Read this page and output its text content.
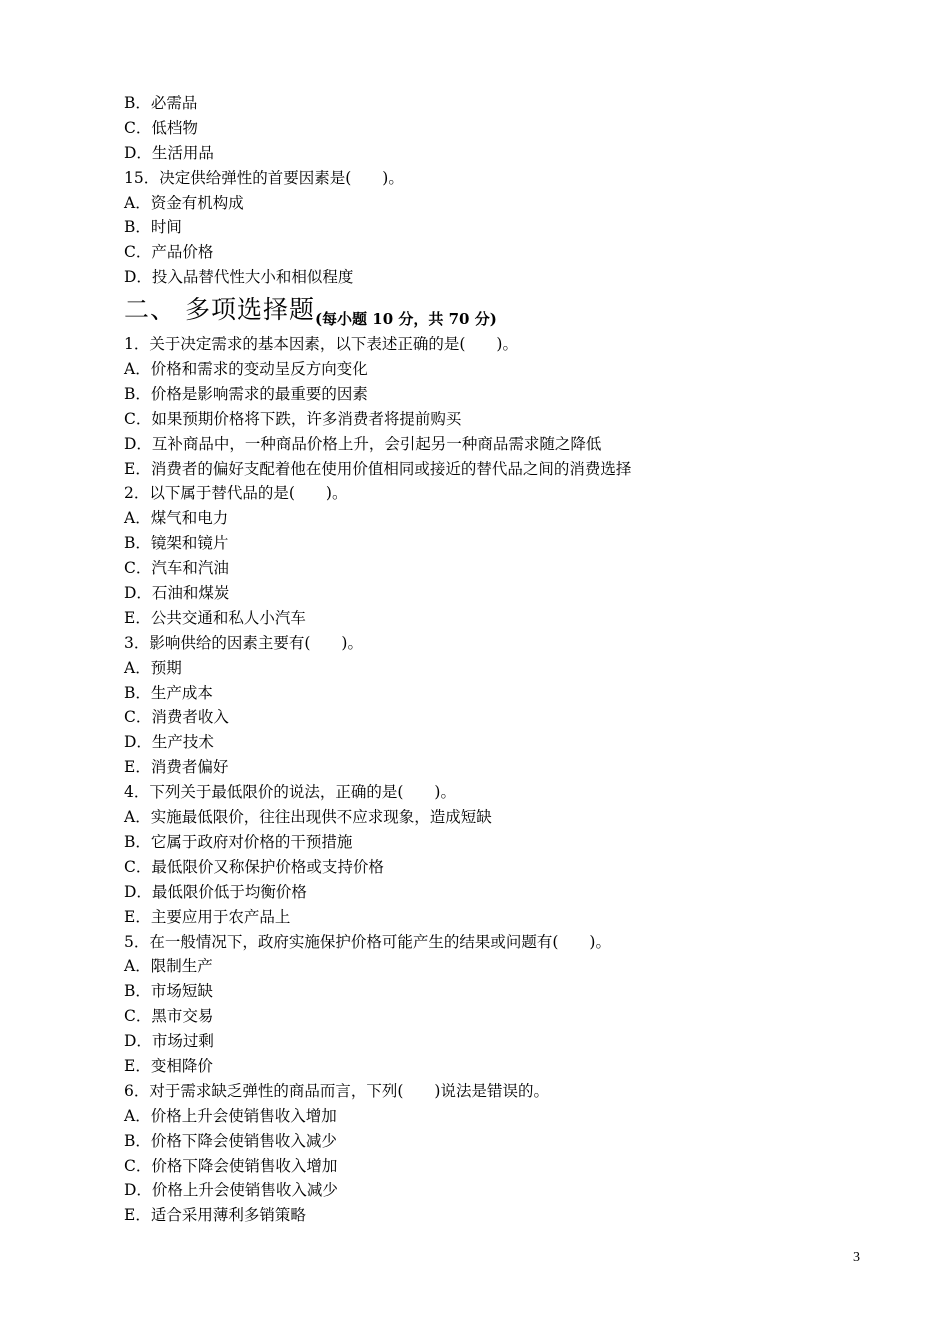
B．必需品
C．低档物
D．生活用品
15．决定供给弹性的首要因素是(　　)。
A．资金有机构成
B．时间
C．产品价格
D．投入品替代性大小和相似程度
二、 多项选择题(每小题 10 分，共 70 分)
1．关于决定需求的基本因素，以下表述正确的是(　　)。
A．价格和需求的变动呈反方向变化
B．价格是影响需求的最重要的因素
C．如果预期价格将下跌，许多消费者将提前购买
D．互补商品中，一种商品价格上升，会引起另一种商品需求随之降低
E．消费者的偏好支配着他在使用价值相同或接近的替代品之间的消费选择
2．以下属于替代品的是(　　)。
A．煤气和电力
B．镜架和镜片
C．汽车和汽油
D．石油和煤炭
E．公共交通和私人小汽车
3．影响供给的因素主要有(　　)。
A．预期
B．生产成本
C．消费者收入
D．生产技术
E．消费者偏好
4．下列关于最低限价的说法，正确的是(　　)。
A．实施最低限价，往往出现供不应求现象，造成短缺
B．它属于政府对价格的干预措施
C．最低限价又称保护价格或支持价格
D．最低限价低于均衡价格
E．主要应用于农产品上
5．在一般情况下，政府实施保护价格可能产生的结果或问题有(　　)。
A．限制生产
B．市场短缺
C．黑市交易
D．市场过剩
E．变相降价
6．对于需求缺乏弹性的商品而言，下列(　　)说法是错误的。
A．价格上升会使销售收入增加
B．价格下降会使销售收入减少
C．价格下降会使销售收入增加
D．价格上升会使销售收入减少
E．适合采用薄利多销策略
3
